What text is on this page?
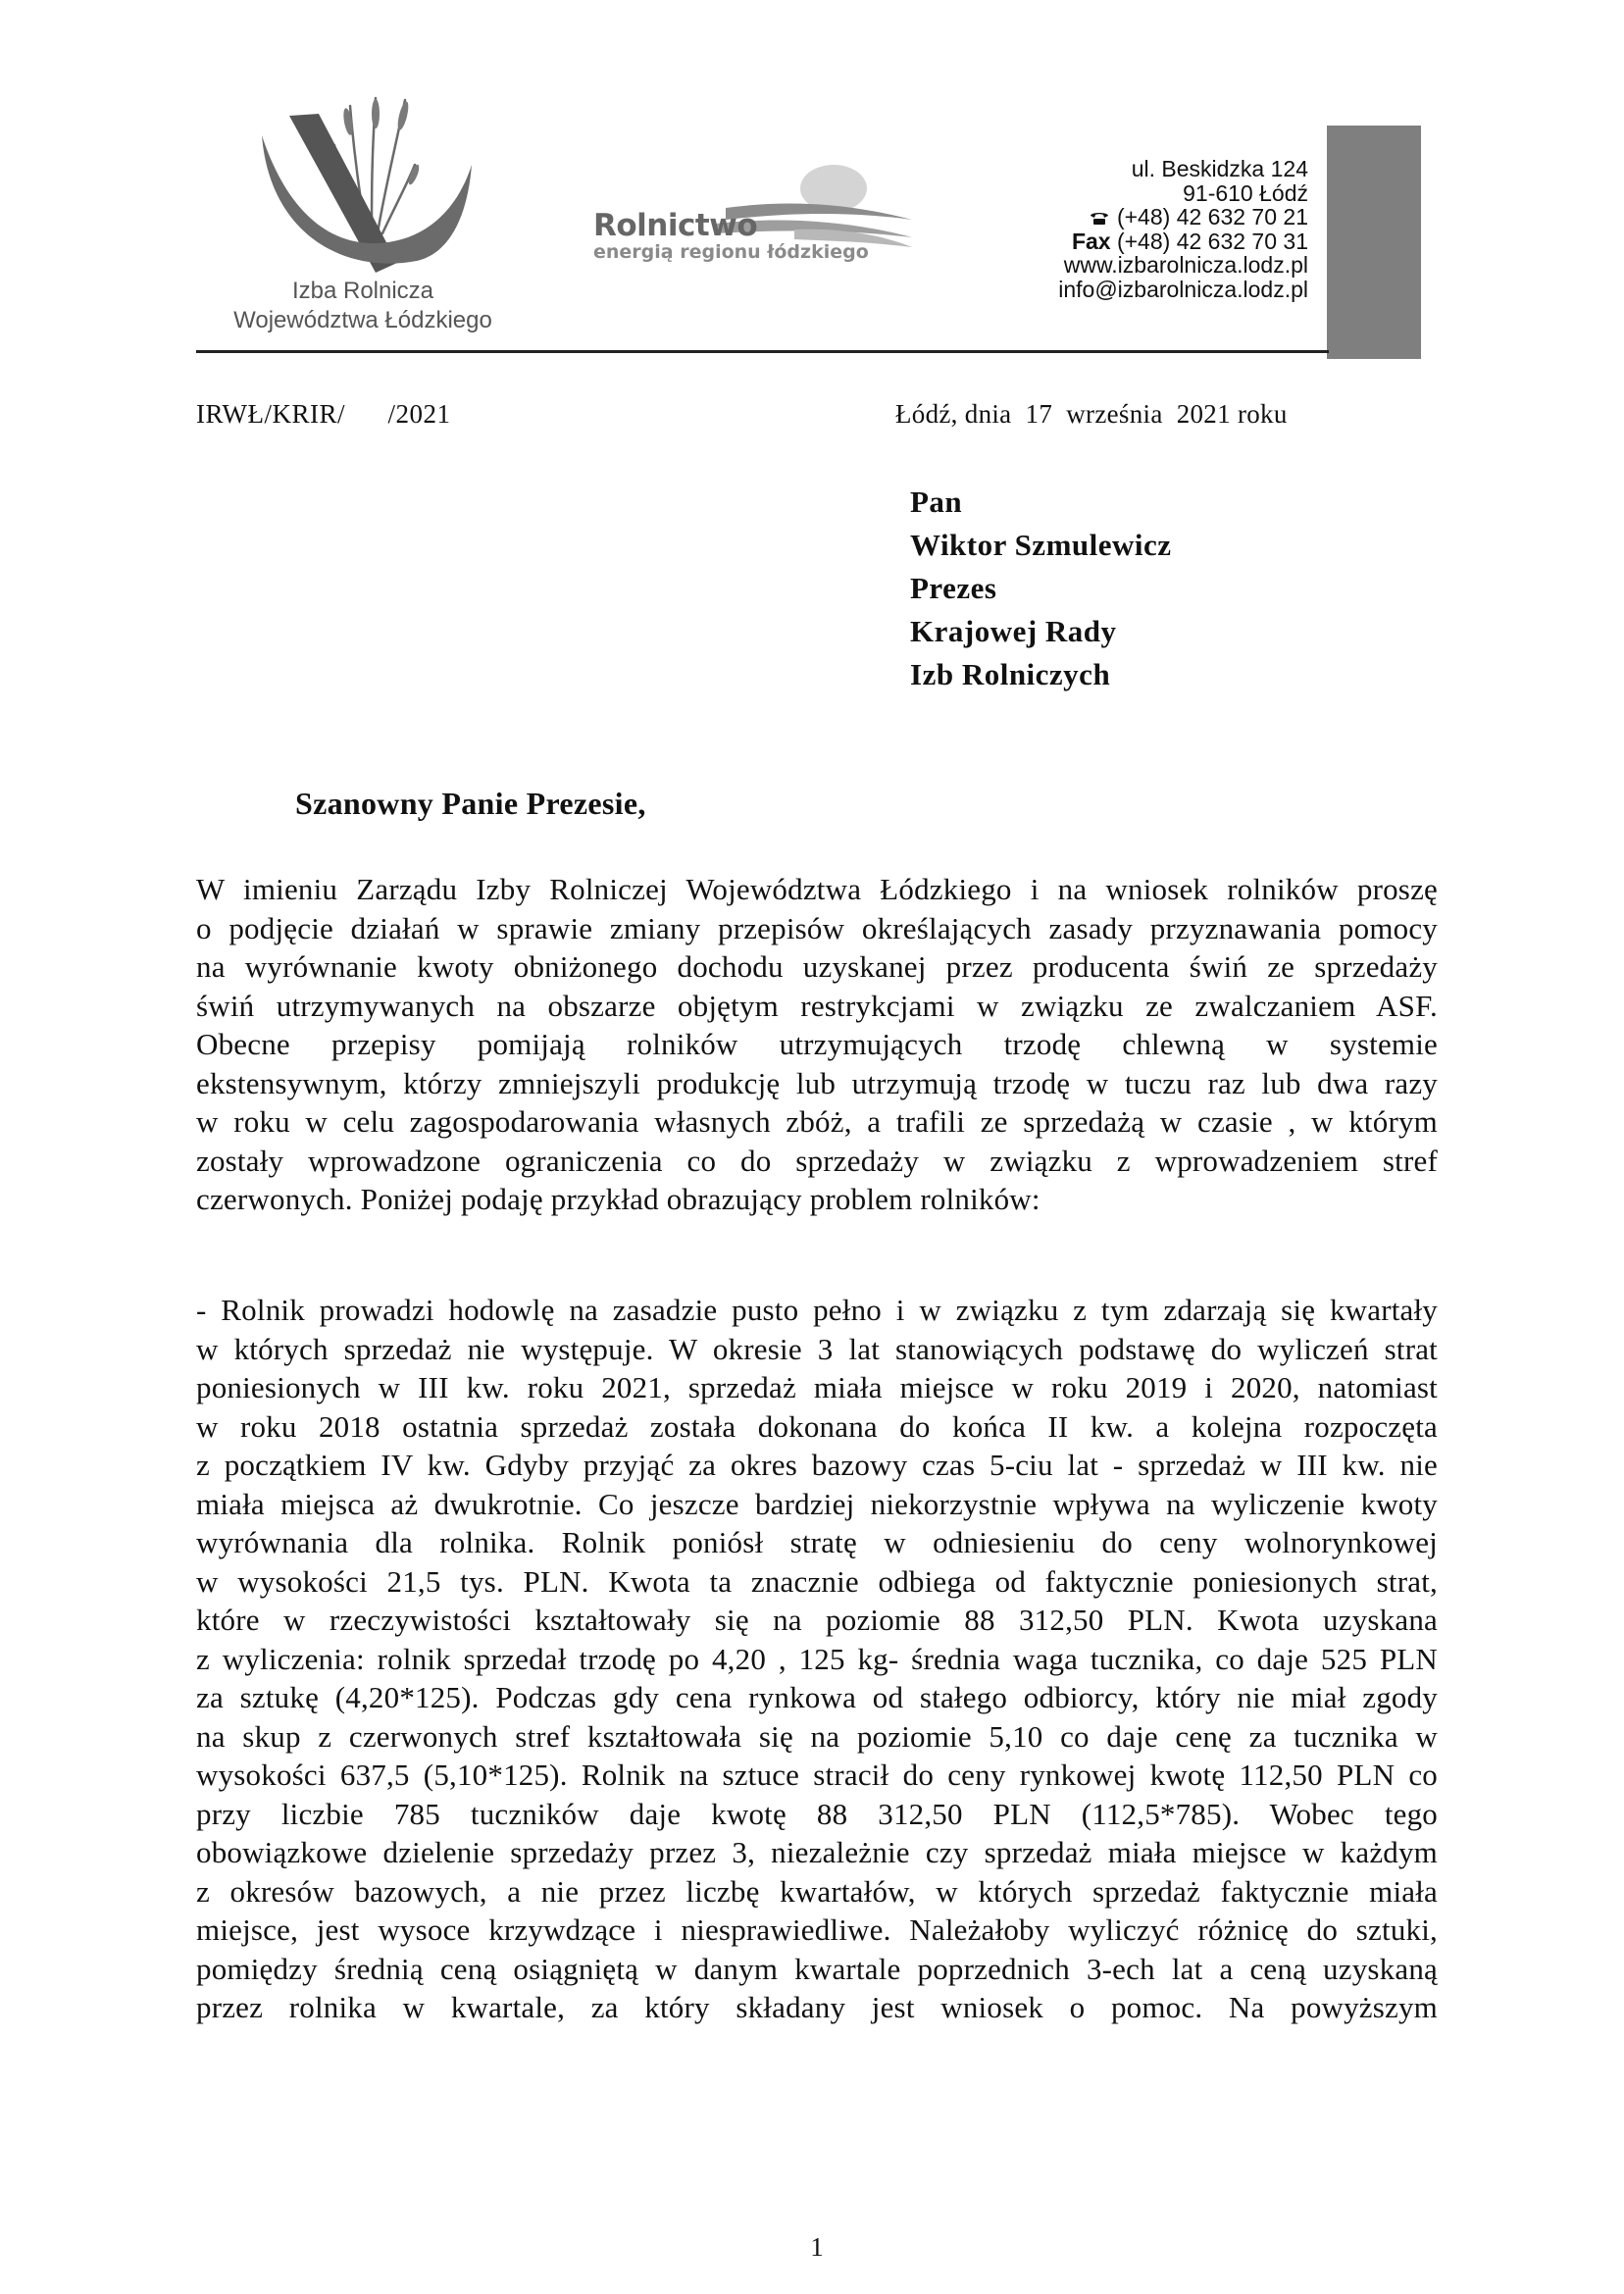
Izba Rolnicza
Województwa Łódzkiego
Rolnictwo
energią regionu łódzkiego
ul. Beskidzka 124
91-610 Łódź
(+48) 42 632 70 21
Fax (+48) 42 632 70 31
www.izbarolnicza.lodz.pl
info@izbarolnicza.lodz.pl
IRWŁ/KRIR/      /2021	Łódź, dnia  17  września  2021 roku
Pan
Wiktor Szmulewicz
Prezes
Krajowej Rady
Izb Rolniczych
Szanowny Panie Prezesie,
W imieniu Zarządu Izby Rolniczej Województwa Łódzkiego i na wniosek rolników proszę
o podjęcie działań w sprawie zmiany przepisów określających zasady przyznawania pomocy
na wyrównanie kwoty obniżonego dochodu uzyskanej przez producenta świń ze sprzedaży
świń utrzymywanych na obszarze objętym restrykcjami w związku ze zwalczaniem ASF.
Obecne przepisy pomijają rolników utrzymujących trzodę chlewną w systemie
ekstensywnym, którzy zmniejszyli produkcję lub utrzymują trzodę w tuczu raz lub dwa razy
w roku w celu zagospodarowania własnych zbóż, a trafili ze sprzedażą w czasie , w którym
zostały wprowadzone ograniczenia co do sprzedaży w związku z wprowadzeniem stref
czerwonych. Poniżej podaję przykład obrazujący problem rolników:
- Rolnik prowadzi hodowlę na zasadzie pusto pełno i w związku z tym zdarzają się kwartały
w których sprzedaż nie występuje. W okresie 3 lat stanowiących podstawę do wyliczeń strat
poniesionych w III kw. roku 2021, sprzedaż miała miejsce w roku 2019 i 2020, natomiast
w roku 2018 ostatnia sprzedaż została dokonana do końca II kw. a kolejna rozpoczęta
z początkiem IV kw. Gdyby przyjąć za okres bazowy czas 5-ciu lat - sprzedaż w III kw. nie
miała miejsca aż dwukrotnie. Co jeszcze bardziej niekorzystnie wpływa na wyliczenie kwoty
wyrównania dla rolnika. Rolnik poniósł stratę w odniesieniu do ceny wolnorynkowej
w wysokości 21,5 tys. PLN. Kwota ta znacznie odbiega od faktycznie poniesionych strat,
które w rzeczywistości kształtowały się na poziomie 88 312,50 PLN. Kwota uzyskana
z wyliczenia: rolnik sprzedał trzodę po 4,20 , 125 kg- średnia waga tucznika, co daje 525 PLN
za sztukę (4,20*125). Podczas gdy cena rynkowa od stałego odbiorcy, który nie miał zgody
na skup z czerwonych stref kształtowała się na poziomie 5,10 co daje cenę za tucznika w
wysokości 637,5 (5,10*125). Rolnik na sztuce stracił do ceny rynkowej kwotę 112,50 PLN co
przy liczbie 785 tuczników daje kwotę 88 312,50 PLN (112,5*785). Wobec tego
obowiązkowe dzielenie sprzedaży przez 3, niezależnie czy sprzedaż miała miejsce w każdym
z okresów bazowych, a nie przez liczbę kwartałów, w których sprzedaż faktycznie miała
miejsce, jest wysoce krzywdzące i niesprawiedliwe. Należałoby wyliczyć różnicę do sztuki,
pomiędzy średnią ceną osiągniętą w danym kwartale poprzednich 3-ech lat a ceną uzyskaną
przez rolnika w kwartale, za który składany jest wniosek o pomoc. Na powyższym
1
